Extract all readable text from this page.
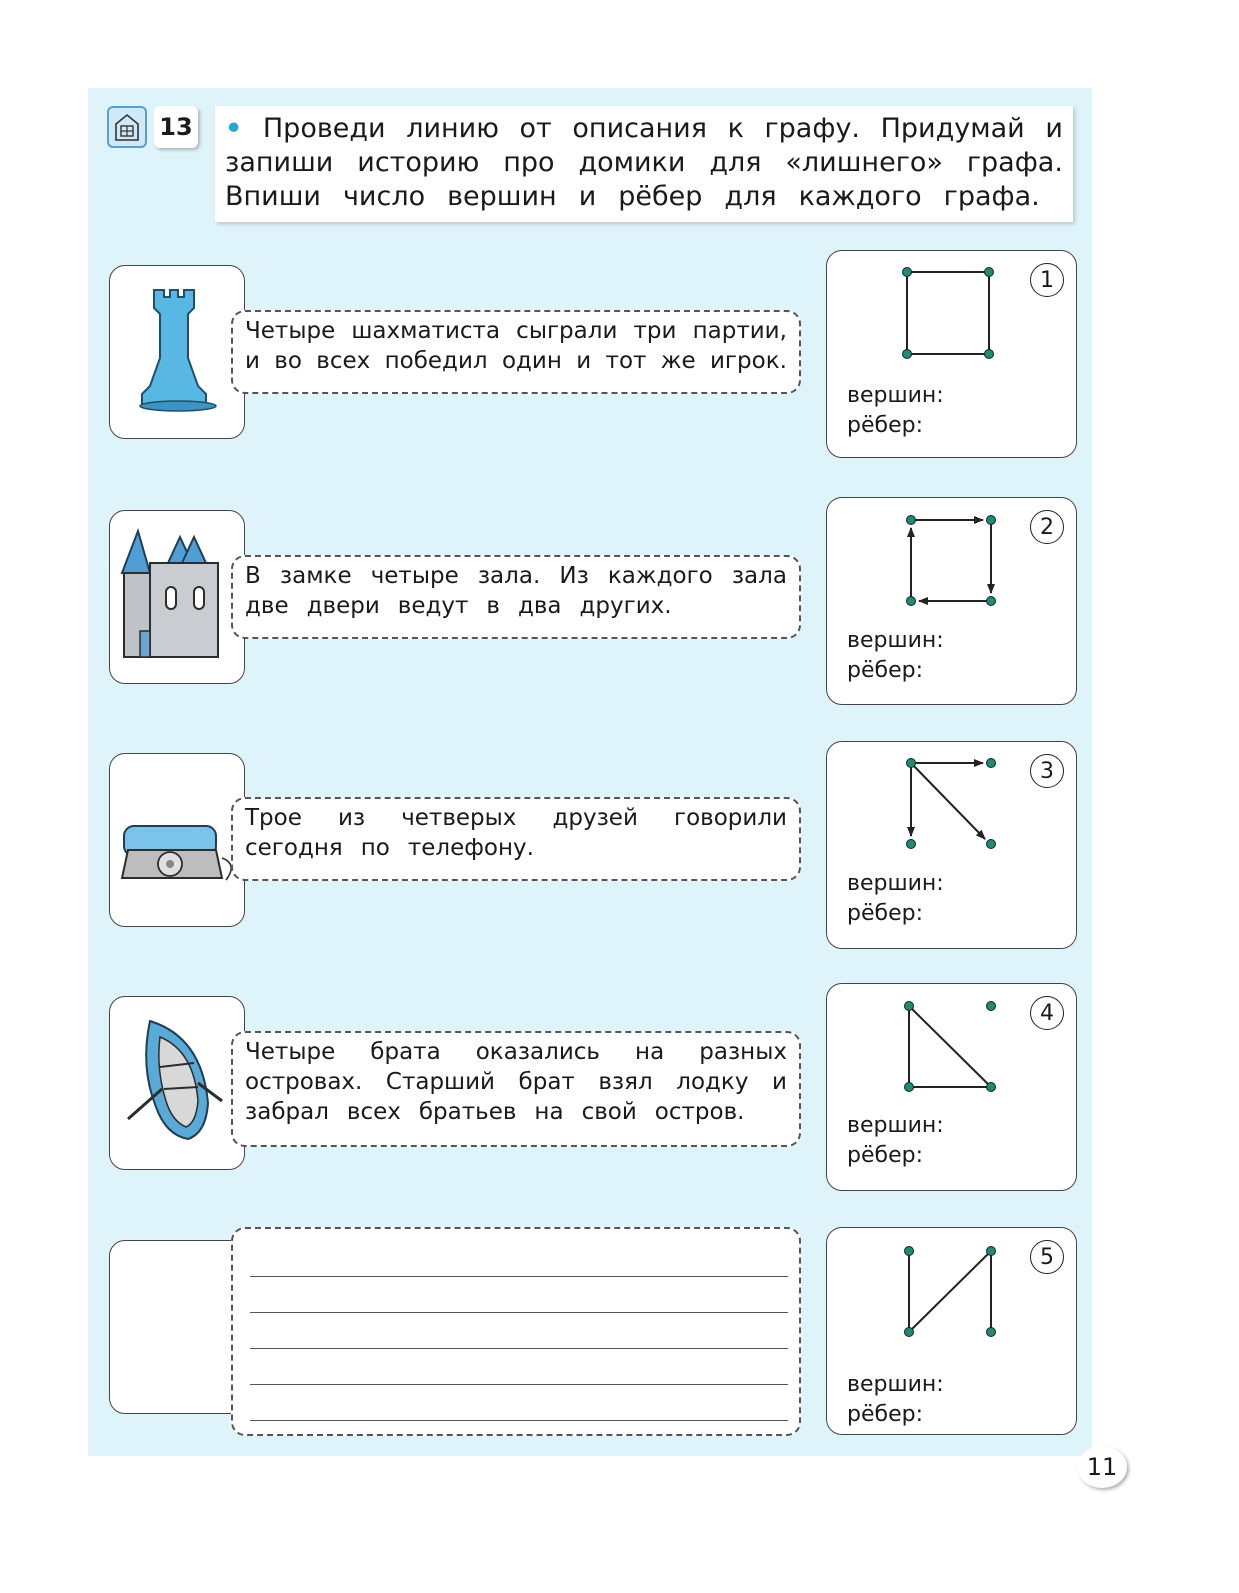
13 • Проведи линию от описания к графу. Придумай и
запиши историю про домики для «лишнего» графа.
Впиши число вершин и рёбер для каждого графа.
Четыре шахматиста сыграли три партии,
и во всех победил один и тот же игрок.
В замке четыре зала. Из каждого зала
две двери ведут в два других.
Трое из четверых друзей говорили
сегодня по телефону.
Четыре брата оказались на разных
островах. Старший брат взял лодку и
забрал всех братьев на свой остров.
1
вершин:
рёбер:
2
вершин:
рёбер:
3
вершин:
рёбер:
4
вершин:
рёбер:
5
вершин:
рёбер:
11
